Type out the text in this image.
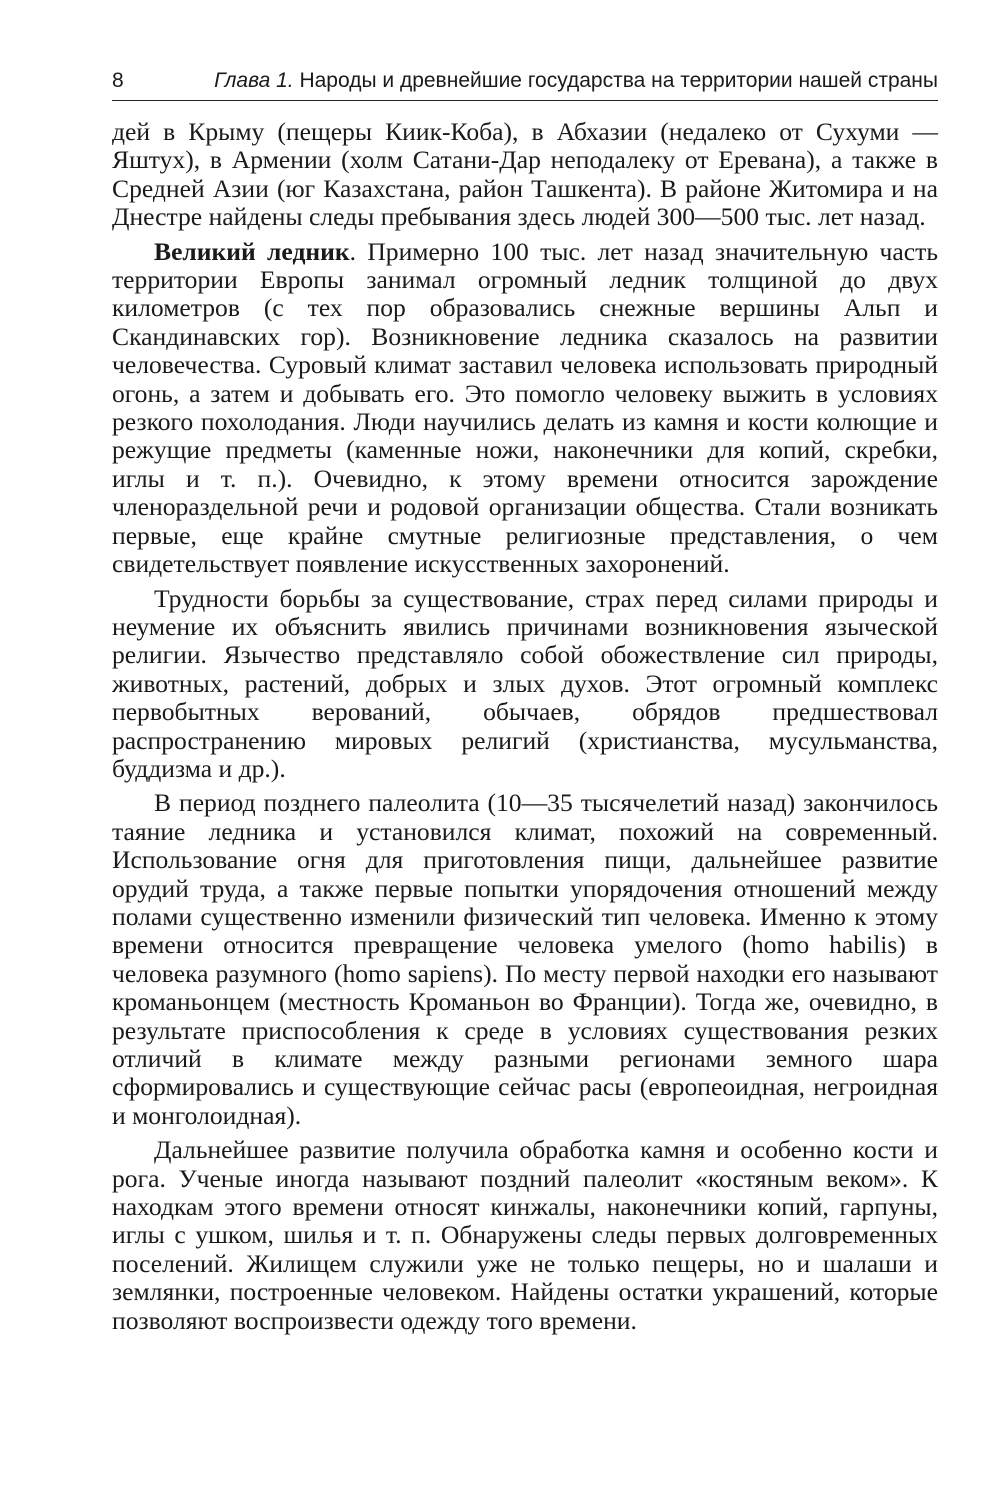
8	Глава 1. Народы и древнейшие государства на территории нашей страны

дей в Крыму (пещеры Киик-Коба), в Абхазии (недалеко от Сухуми — Яштух), в Армении (холм Сатани-Дар неподалеку от Еревана), а также в Средней Азии (юг Казахстана, район Ташкента). В районе Житомира и на Днестре найдены следы пребывания здесь людей 300—500 тыс. лет назад.

Великий ледник. Примерно 100 тыс. лет назад значительную часть территории Европы занимал огромный ледник толщиной до двух километров (с тех пор образовались снежные вершины Альп и Скандинавских гор). Возникновение ледника сказалось на развитии человечества. Суровый климат заставил человека использовать природный огонь, а затем и добывать его. Это помогло человеку выжить в условиях резкого похолодания. Люди научились делать из камня и кости колющие и режущие предметы (каменные ножи, наконечники для копий, скребки, иглы и т. п.). Очевидно, к этому времени относится зарождение членораздельной речи и родовой организации общества. Стали возникать первые, еще крайне смутные религиозные представления, о чем свидетельствует появление искусственных захоронений.

Трудности борьбы за существование, страх перед силами природы и неумение их объяснить явились причинами возникновения языческой религии. Язычество представляло собой обожествление сил природы, животных, растений, добрых и злых духов. Этот огромный комплекс первобытных верований, обычаев, обрядов предшествовал распространению мировых религий (христианства, мусульманства, буддизма и др.).

В период позднего палеолита (10—35 тысячелетий назад) закончилось таяние ледника и установился климат, похожий на современный. Использование огня для приготовления пищи, дальнейшее развитие орудий труда, а также первые попытки упорядочения отношений между полами существенно изменили физический тип человека. Именно к этому времени относится превращение человека умелого (homo habilis) в человека разумного (homo sapiens). По месту первой находки его называют кроманьонцем (местность Кроманьон во Франции). Тогда же, очевидно, в результате приспособления к среде в условиях существования резких отличий в климате между разными регионами земного шара сформировались и существующие сейчас расы (европеоидная, негроидная и монголоидная).

Дальнейшее развитие получила обработка камня и особенно кости и рога. Ученые иногда называют поздний палеолит «костяным веком». К находкам этого времени относят кинжалы, наконечники копий, гарпуны, иглы с ушком, шилья и т. п. Обнаружены следы первых долговременных поселений. Жилищем служили уже не только пещеры, но и шалаши и землянки, построенные человеком. Найдены остатки украшений, которые позволяют воспроизвести одежду того времени.
